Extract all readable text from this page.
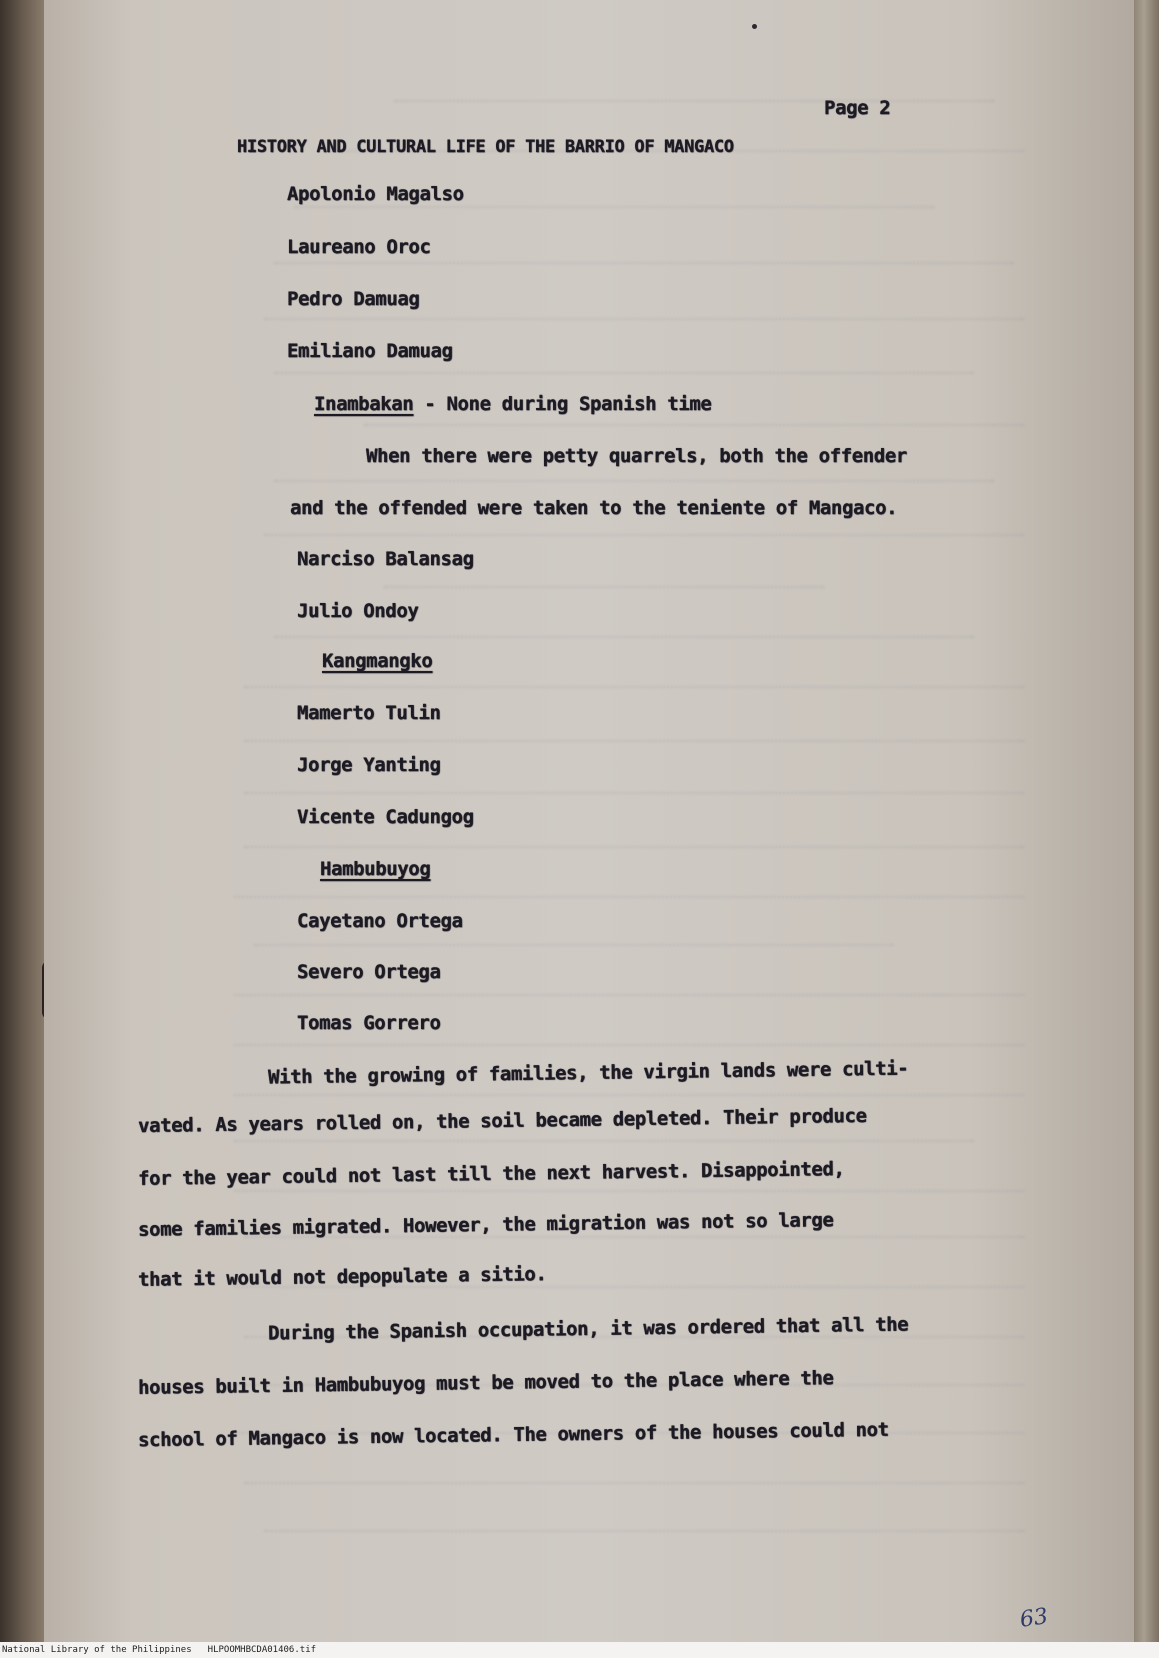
Page 2
HISTORY AND CULTURAL LIFE OF THE BARRIO OF MANGACO
Apolonio Magalso
Laureano Oroc
Pedro Damuag
Emiliano Damuag
Inambakan - None during Spanish time
When there were petty quarrels, both the offender
and the offended were taken to the teniente of Mangaco.
Narciso Balansag
Julio Ondoy
Kangmangko
Mamerto Tulin
Jorge Yanting
Vicente Cadungog
Hambubuyog
Cayetano Ortega
Severo Ortega
Tomas Gorrero
With the growing of families, the virgin lands were culti-
vated. As years rolled on, the soil became depleted. Their produce
for the year could not last till the next harvest. Disappointed,
some families migrated. However, the migration was not so large
that it would not depopulate a sitio.
During the Spanish occupation, it was ordered that all the
houses built in Hambubuyog must be moved to the place where the
school of Mangaco is now located. The owners of the houses could not
63
National Library of the Philippines HLPOOMHBCDA01406.tif
